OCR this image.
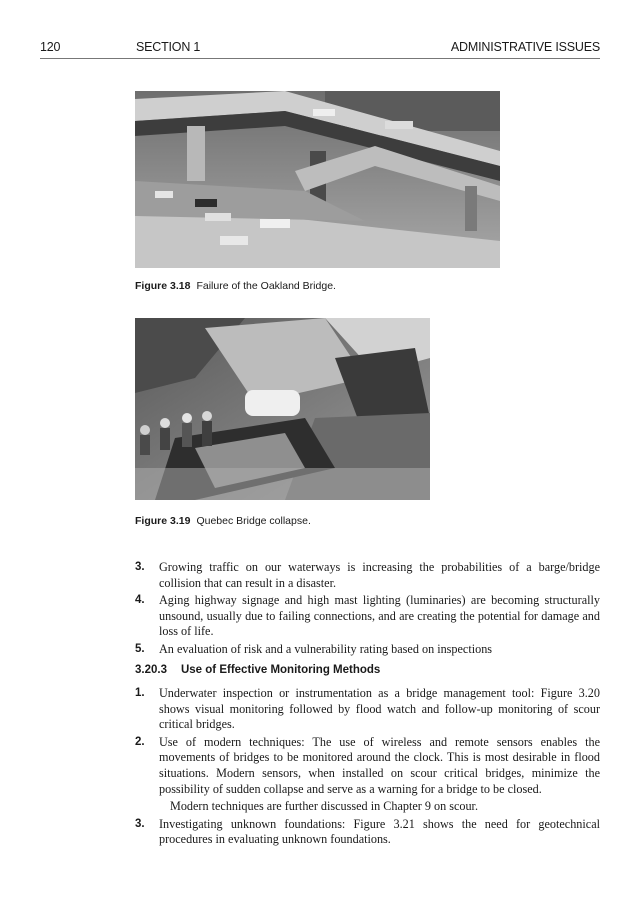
120	SECTION 1	ADMINISTRATIVE ISSUES
Figure 3.18 Failure of the Oakland Bridge.
Figure 3.19 Quebec Bridge collapse.
3. Growing traffic on our waterways is increasing the probabilities of a barge/bridge collision that can result in a disaster.
4. Aging highway signage and high mast lighting (luminaries) are becoming structurally unsound, usually due to failing connections, and are creating the potential for damage and loss of life.
5. An evaluation of risk and a vulnerability rating based on inspections
3.20.3 Use of Effective Monitoring Methods
1. Underwater inspection or instrumentation as a bridge management tool: Figure 3.20 shows visual monitoring followed by flood watch and follow-up monitoring of scour critical bridges.
2. Use of modern techniques: The use of wireless and remote sensors enables the movements of bridges to be monitored around the clock. This is most desirable in flood situations. Modern sensors, when installed on scour critical bridges, minimize the possibility of sudden collapse and serve as a warning for a bridge to be closed.
Modern techniques are further discussed in Chapter 9 on scour.
3. Investigating unknown foundations: Figure 3.21 shows the need for geotechnical procedures in evaluating unknown foundations.
